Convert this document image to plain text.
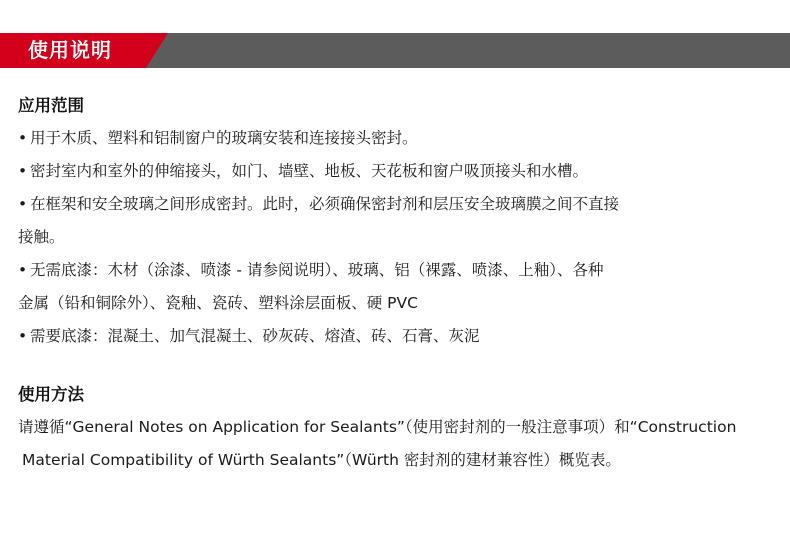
使用说明
应用范围
• 用于木质、塑料和铝制窗户的玻璃安装和连接接头密封。
• 密封室内和室外的伸缩接头，如门、墙壁、地板、天花板和窗户吸顶接头和水槽。
• 在框架和安全玻璃之间形成密封。此时，必须确保密封剂和层压安全玻璃膜之间不直接
接触。
• 无需底漆：木材（涂漆、喷漆 - 请参阅说明）、玻璃、铝（裸露、喷漆、上釉）、各种
金属（铅和铜除外）、瓷釉、瓷砖、塑料涂层面板、硬 PVC
• 需要底漆：混凝土、加气混凝土、砂灰砖、熔渣、砖、石膏、灰泥
使用方法
请遵循“General Notes on Application for Sealants”（使用密封剂的一般注意事项）和“Construction
Material Compatibility of Würth Sealants”（Würth 密封剂的建材兼容性）概览表。
